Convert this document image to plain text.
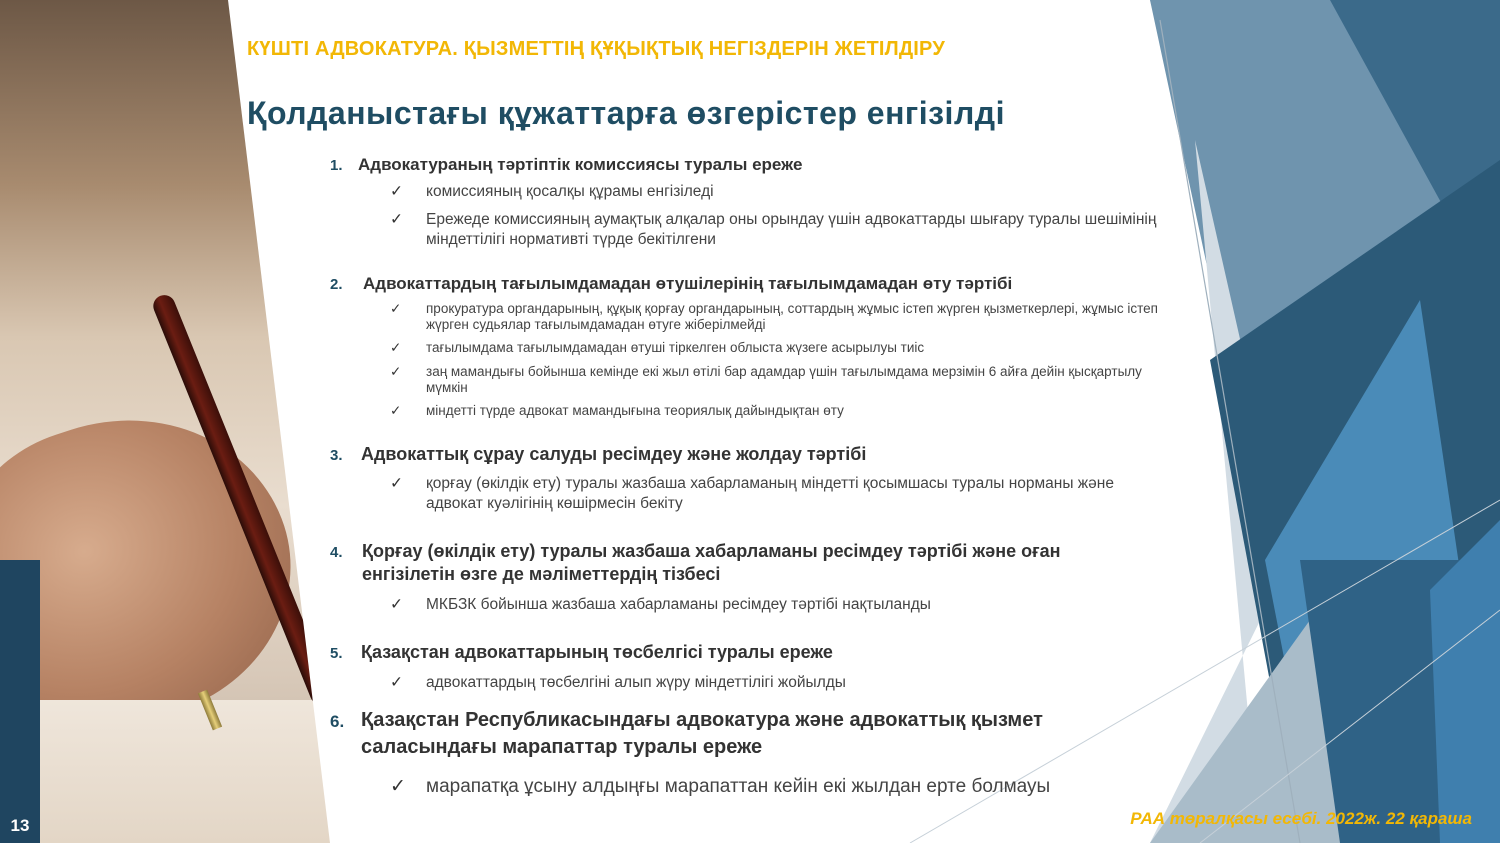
13
КҮШТІ АДВОКАТУРА. ҚЫЗМЕТТІҢ ҚҰҚЫҚТЫҚ НЕГІЗДЕРІН ЖЕТІЛДІРУ
Қолданыстағы құжаттарға өзгерістер енгізілді
1. Адвокатураның тәртіптік комиссиясы туралы ереже
✓	комиссияның қосалқы құрамы енгізіледі
✓	Ережеде комиссияның аумақтық алқалар оны орындау үшін адвокаттарды шығару туралы шешімінің міндеттілігі нормативті түрде бекітілгени
2.	Адвокаттардың тағылымдамадан өтушілерінің тағылымдамадан өту тәртібі
✓	прокуратура органдарының, құқық қорғау органдарының, соттардың жұмыс істеп жүрген қызметкерлері, жұмыс істеп жүрген судьялар тағылымдамадан өтуге жіберілмейді
✓	тағылымдама тағылымдамадан өтуші тіркелген облыста жүзеге асырылуы тиіс
✓	заң мамандығы бойынша кемінде екі жыл өтілі бар адамдар үшін тағылымдама мерзімін 6 айға дейін қысқартылу мүмкін
✓	міндетті түрде адвокат мамандығына теориялық дайындықтан өту
3.	Адвокаттық сұрау салуды ресімдеу және жолдау тәртібі
✓	қорғау (өкілдік ету) туралы жазбаша хабарламаның міндетті қосымшасы туралы норманы және адвокат куәлігінің көшірмесін бекіту
4.	Қорғау (өкілдік ету) туралы жазбаша хабарламаны ресімдеу тәртібі және оған енгізілетін өзге де мәліметтердің тізбесі
✓	МКБЗК бойынша жазбаша хабарламаны ресімдеу тәртібі нақтыланды
5.	Қазақстан адвокаттарының төсбелгісі туралы ереже
✓	адвокаттардың төсбелгіні алып жүру міндеттілігі жойылды
6. Қазақстан Республикасындағы адвокатура және адвокаттық қызмет саласындағы марапаттар туралы ереже
✓	марапатқа ұсыну алдыңғы марапаттан кейін екі жылдан ерте болмауы
РАА төралқасы есебі. 2022ж. 22 қараша
